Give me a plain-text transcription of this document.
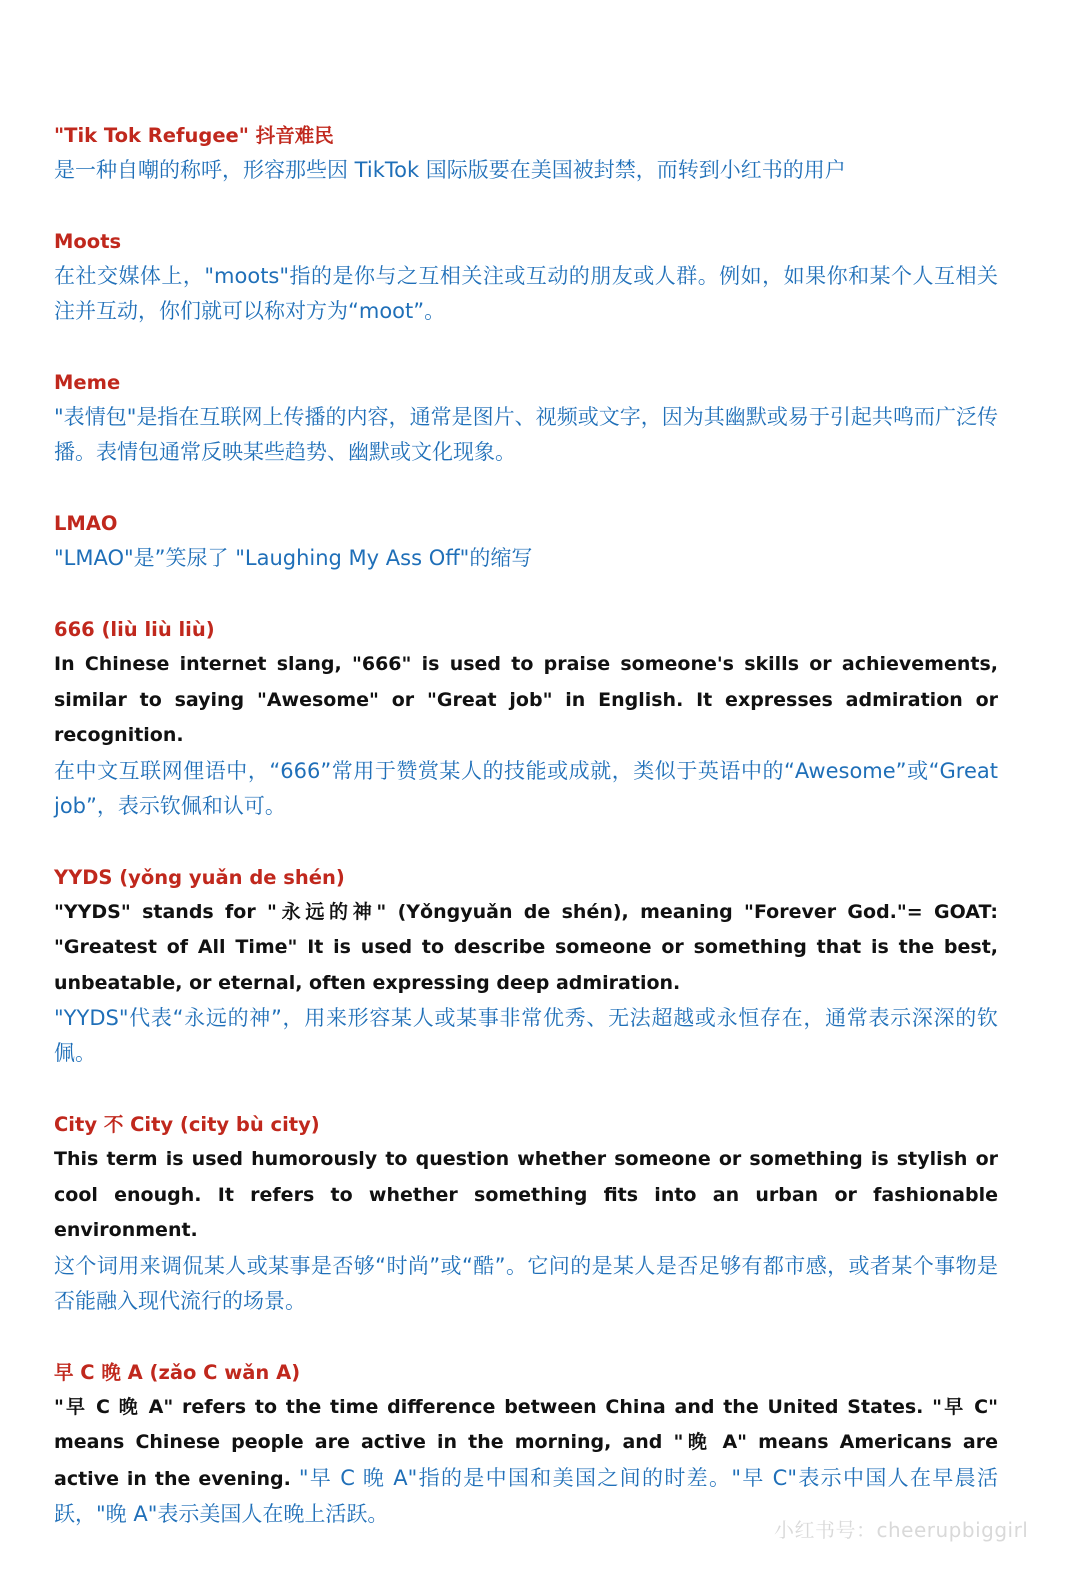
"Tik Tok Refugee" 抖音难民

是一种自嘲的称呼，形容那些因 TikTok 国际版要在美国被封禁，而转到小红书的用户

Moots

在社交媒体上，"moots"指的是你与之互相关注或互动的朋友或人群。例如，如果你和某个人互相关注并互动，你们就可以称对方为“moot”。

Meme

"表情包"是指在互联网上传播的内容，通常是图片、视频或文字，因为其幽默或易于引起共鸣而广泛传播。表情包通常反映某些趋势、幽默或文化现象。

LMAO

"LMAO"是”笑尿了 "Laughing My Ass Off"的缩写

666 (liù liù liù)

In Chinese internet slang, "666" is used to praise someone's skills or achievements, similar to saying "Awesome" or "Great job" in English. It expresses admiration or recognition.

在中文互联网俚语中，“666”常用于赞赏某人的技能或成就，类似于英语中的“Awesome”或“Great job”，表示钦佩和认可。

YYDS (yǒng yuǎn de shén)

"YYDS" stands for "永远的神" (Yǒngyuǎn de shén), meaning "Forever God."= GOAT: "Greatest of All Time" It is used to describe someone or something that is the best, unbeatable, or eternal, often expressing deep admiration.

"YYDS"代表“永远的神”，用来形容某人或某事非常优秀、无法超越或永恒存在，通常表示深深的钦佩。

City 不 City (city bù city)

This term is used humorously to question whether someone or something is stylish or cool enough. It refers to whether something fits into an urban or fashionable environment.

这个词用来调侃某人或某事是否够“时尚”或“酷”。它问的是某人是否足够有都市感，或者某个事物是否能融入现代流行的场景。

早 C 晚 A (zǎo C wǎn A)

"早 C 晚 A" refers to the time difference between China and the United States. "早 C" means Chinese people are active in the morning, and "晚 A" means Americans are active in the evening. "早 C 晚 A"指的是中国和美国之间的时差。"早 C"表示中国人在早晨活跃，"晚 A"表示美国人在晚上活跃。

小红书号：cheerupbiggirl
